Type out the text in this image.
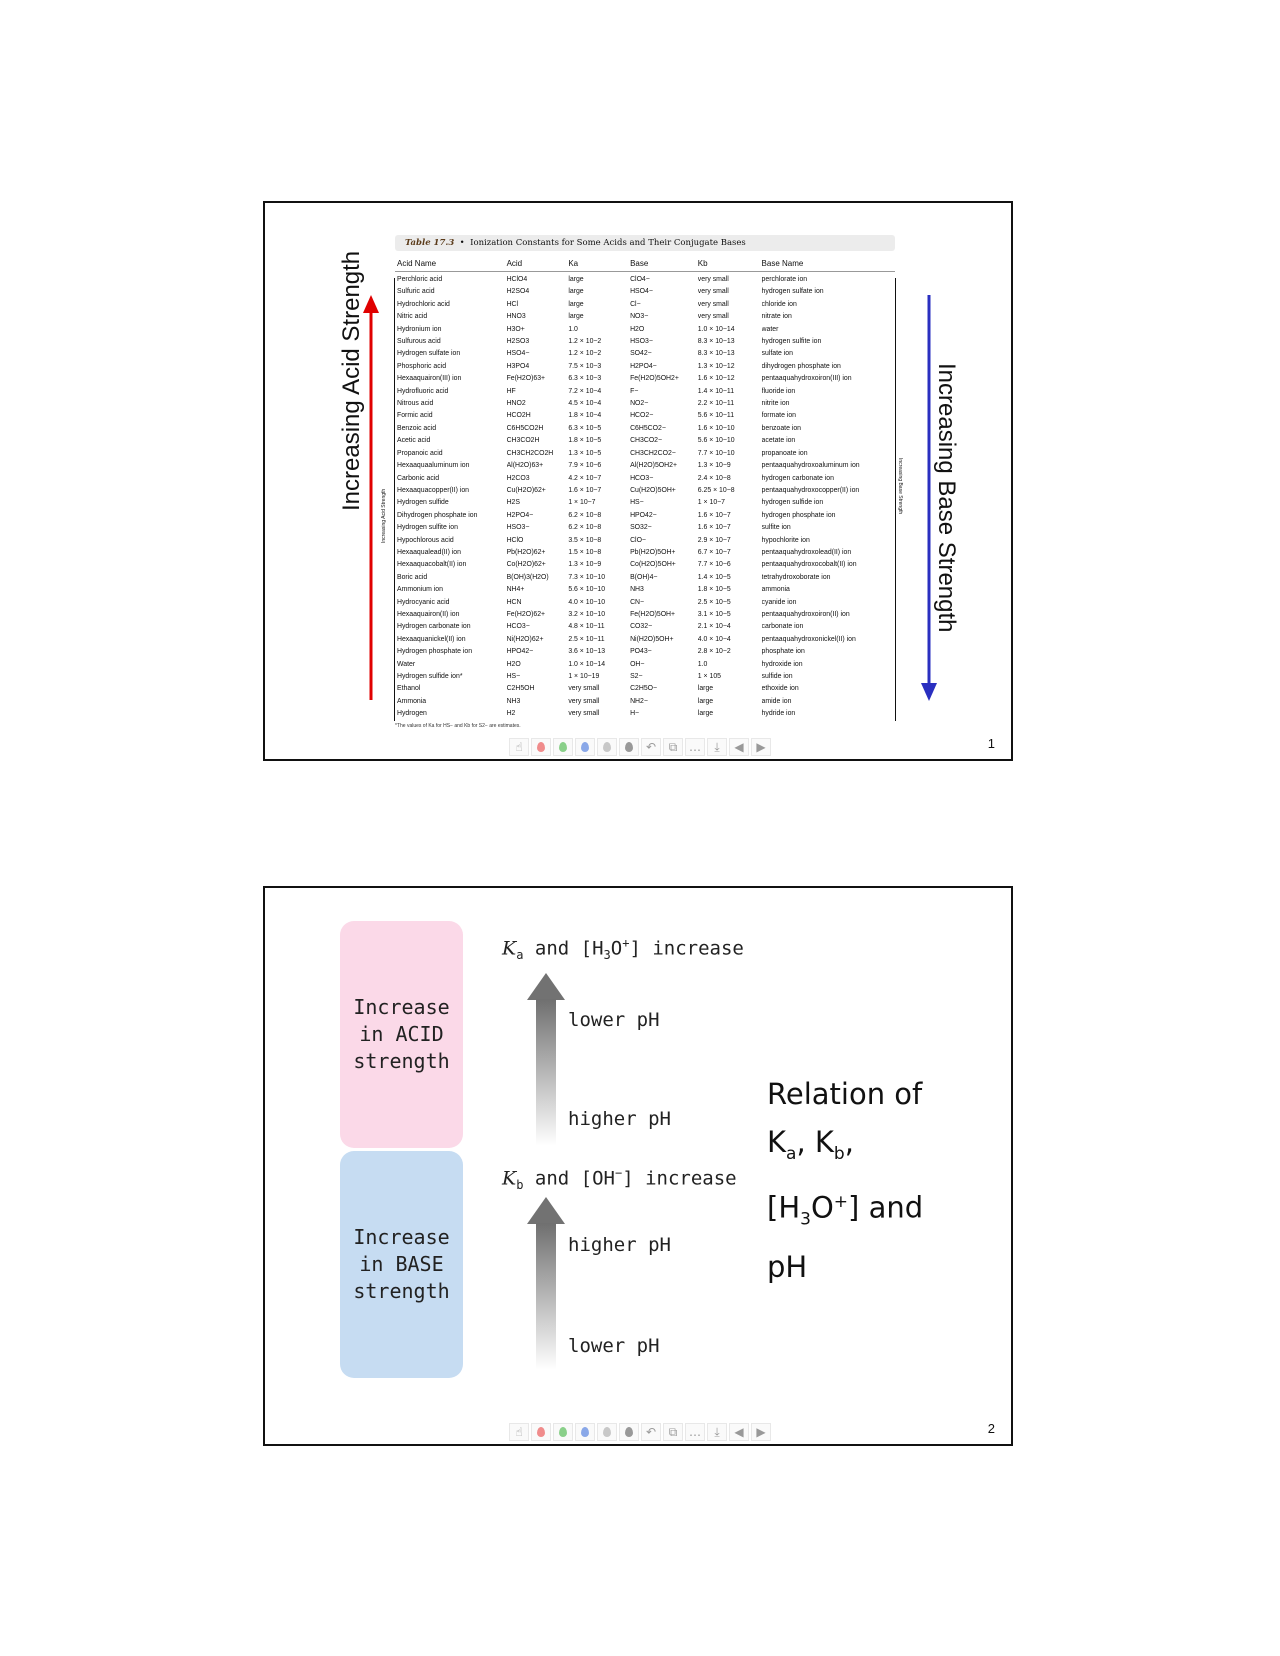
Increasing Acid Strength	Increasing Base Strength
Increasing Acid Strength
Increasing Base Strength
Table 17.3  •  Ionization Constants for Some Acids and Their Conjugate Bases
Acid Name	Acid	Ka	Base	Kb	Base Name
Perchloric acid	HClO4	large	ClO4−	very small	perchlorate ion
Sulfuric acid	H2SO4	large	HSO4−	very small	hydrogen sulfate ion
Hydrochloric acid	HCl	large	Cl−	very small	chloride ion
Nitric acid	HNO3	large	NO3−	very small	nitrate ion
Hydronium ion	H3O+	1.0	H2O	1.0 × 10−14	water
Sulfurous acid	H2SO3	1.2 × 10−2	HSO3−	8.3 × 10−13	hydrogen sulfite ion
Hydrogen sulfate ion	HSO4−	1.2 × 10−2	SO42−	8.3 × 10−13	sulfate ion
Phosphoric acid	H3PO4	7.5 × 10−3	H2PO4−	1.3 × 10−12	dihydrogen phosphate ion
Hexaaquairon(III) ion	Fe(H2O)63+	6.3 × 10−3	Fe(H2O)5OH2+	1.6 × 10−12	pentaaquahydroxoiron(III) ion
Hydrofluoric acid	HF	7.2 × 10−4	F−	1.4 × 10−11	fluoride ion
Nitrous acid	HNO2	4.5 × 10−4	NO2−	2.2 × 10−11	nitrite ion
Formic acid	HCO2H	1.8 × 10−4	HCO2−	5.6 × 10−11	formate ion
Benzoic acid	C6H5CO2H	6.3 × 10−5	C6H5CO2−	1.6 × 10−10	benzoate ion
Acetic acid	CH3CO2H	1.8 × 10−5	CH3CO2−	5.6 × 10−10	acetate ion
Propanoic acid	CH3CH2CO2H	1.3 × 10−5	CH3CH2CO2−	7.7 × 10−10	propanoate ion
Hexaaquaaluminum ion	Al(H2O)63+	7.9 × 10−6	Al(H2O)5OH2+	1.3 × 10−9	pentaaquahydroxoaluminum ion
Carbonic acid	H2CO3	4.2 × 10−7	HCO3−	2.4 × 10−8	hydrogen carbonate ion
Hexaaquacopper(II) ion	Cu(H2O)62+	1.6 × 10−7	Cu(H2O)5OH+	6.25 × 10−8	pentaaquahydroxocopper(II) ion
Hydrogen sulfide	H2S	1 × 10−7	HS−	1 × 10−7	hydrogen sulfide ion
Dihydrogen phosphate ion	H2PO4−	6.2 × 10−8	HPO42−	1.6 × 10−7	hydrogen phosphate ion
Hydrogen sulfite ion	HSO3−	6.2 × 10−8	SO32−	1.6 × 10−7	sulfite ion
Hypochlorous acid	HClO	3.5 × 10−8	ClO−	2.9 × 10−7	hypochlorite ion
Hexaaqualead(II) ion	Pb(H2O)62+	1.5 × 10−8	Pb(H2O)5OH+	6.7 × 10−7	pentaaquahydroxolead(II) ion
Hexaaquacobalt(II) ion	Co(H2O)62+	1.3 × 10−9	Co(H2O)5OH+	7.7 × 10−6	pentaaquahydroxocobalt(II) ion
Boric acid	B(OH)3(H2O)	7.3 × 10−10	B(OH)4−	1.4 × 10−5	tetrahydroxoborate ion
Ammonium ion	NH4+	5.6 × 10−10	NH3	1.8 × 10−5	ammonia
Hydrocyanic acid	HCN	4.0 × 10−10	CN−	2.5 × 10−5	cyanide ion
Hexaaquairon(II) ion	Fe(H2O)62+	3.2 × 10−10	Fe(H2O)5OH+	3.1 × 10−5	pentaaquahydroxoiron(II) ion
Hydrogen carbonate ion	HCO3−	4.8 × 10−11	CO32−	2.1 × 10−4	carbonate ion
Hexaaquanickel(II) ion	Ni(H2O)62+	2.5 × 10−11	Ni(H2O)5OH+	4.0 × 10−4	pentaaquahydroxonickel(II) ion
Hydrogen phosphate ion	HPO42−	3.6 × 10−13	PO43−	2.8 × 10−2	phosphate ion
Water	H2O	1.0 × 10−14	OH−	1.0	hydroxide ion
Hydrogen sulfide ion*	HS−	1 × 10−19	S2−	1 × 105	sulfide ion
Ethanol	C2H5OH	very small	C2H5O−	large	ethoxide ion
Ammonia	NH3	very small	NH2−	large	amide ion
Hydrogen	H2	very small	H−	large	hydride ion
*The values of Ka for HS− and Kb for S2− are estimates.
☝	↶	⧉ …	⤓	◀	▶	1
Increase
in ACID
strength
Increase
in BASE
strength
$K_a$ and $[H_3O^+]$ increase
$K_b$ and [OH−] increase
lower pH
higher pH
higher pH
lower pH
Relation of
$K_a$, $K_b$,
$[H_3O^+]$ and
pH
☝	↶	⧉ …	⤓	◀	▶	2
